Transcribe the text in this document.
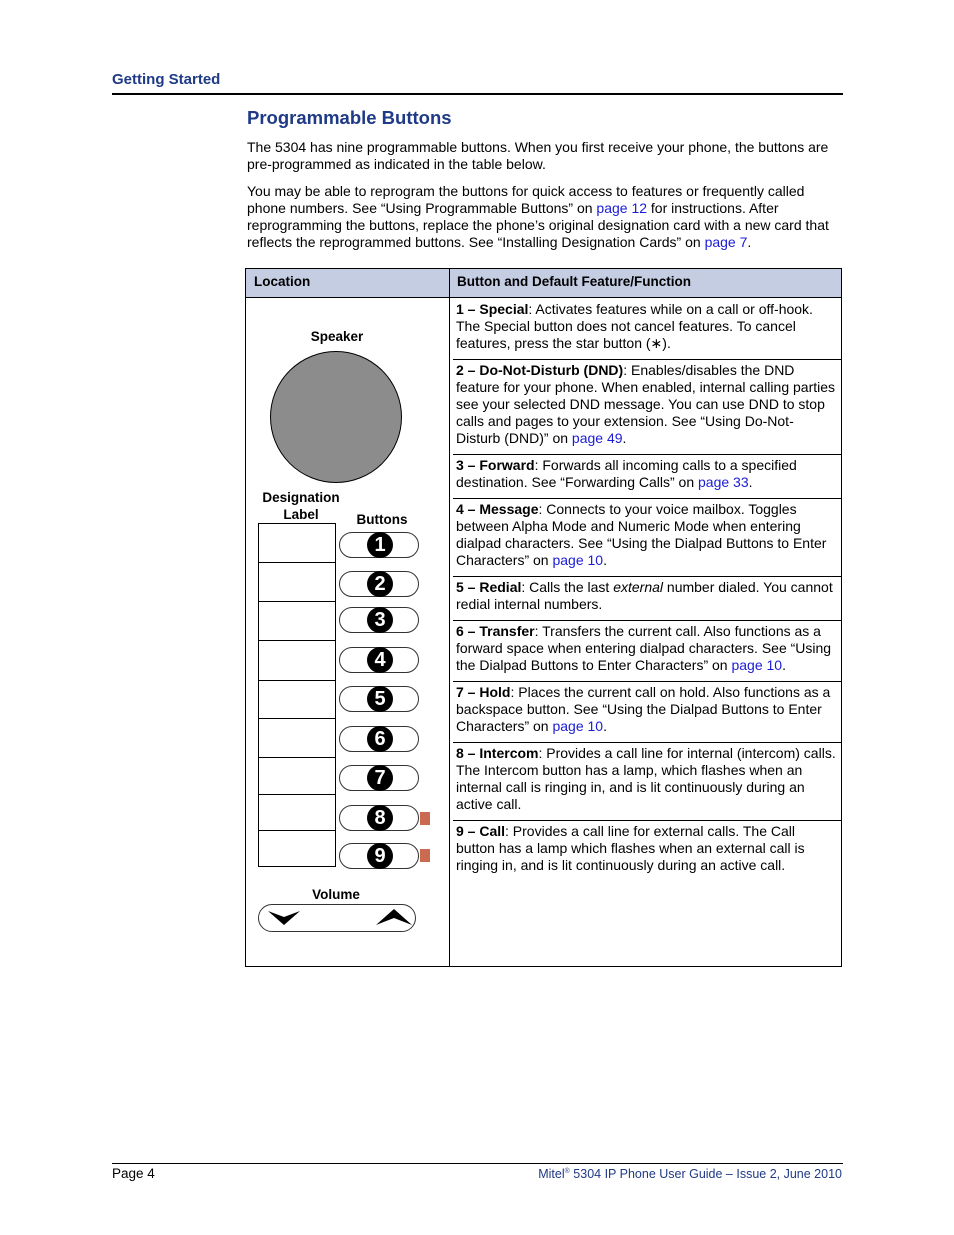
Getting Started
Programmable Buttons
The 5304 has nine programmable buttons. When you first receive your phone, the buttons are pre-programmed as indicated in the table below.
You may be able to reprogram the buttons for quick access to features or frequently called phone numbers. See “Using Programmable Buttons” on page 12 for instructions. After reprogramming the buttons, replace the phone’s original designation card with a new card that reflects the reprogrammed buttons. See “Installing Designation Cards” on page 7.
Location	Button and Default Feature/Function
1 – Special: Activates features while on a call or off-hook. The Special button does not cancel features. To cancel features, press the star button (∗).
2 – Do-Not-Disturb (DND): Enables/disables the DND feature for your phone. When enabled, internal calling parties see your selected DND message. You can use DND to stop calls and pages to your extension. See “Using Do-Not-Disturb (DND)” on page 49.
3 – Forward: Forwards all incoming calls to a specified destination. See “Forwarding Calls” on page 33.
4 – Message: Connects to your voice mailbox. Toggles between Alpha Mode and Numeric Mode when entering dialpad characters. See “Using the Dialpad Buttons to Enter Characters” on page 10.
5 – Redial: Calls the last external number dialed. You cannot redial internal numbers.
6 – Transfer: Transfers the current call. Also functions as a forward space when entering dialpad characters. See “Using the Dialpad Buttons to Enter Characters” on page 10.
7 – Hold: Places the current call on hold. Also functions as a backspace button. See “Using the Dialpad Buttons to Enter Characters” on page 10.
8 – Intercom: Provides a call line for internal (intercom) calls. The Intercom button has a lamp, which flashes when an internal call is ringing in, and is lit continuously during an active call.
9 – Call: Provides a call line for external calls. The Call button has a lamp which flashes when an external call is ringing in, and is lit continuously during an active call.
Speaker
Designation
Label	Buttons
1
2
3
4
5
6
7
8
9
Volume
Page 4	Mitel® 5304 IP Phone User Guide – Issue 2, June 2010
